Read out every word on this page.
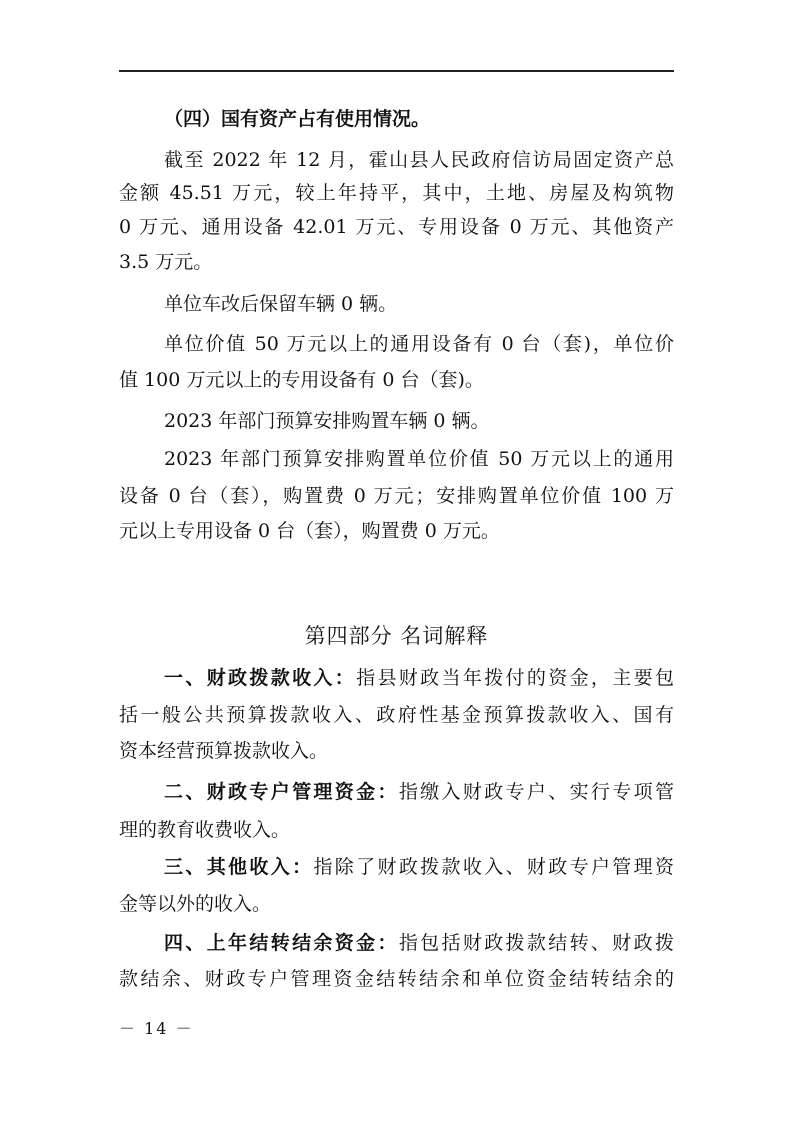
（四）国有资产占有使用情况。
截至 2022 年 12 月，霍山县人民政府信访局固定资产总
金额 45.51 万元，较上年持平，其中，土地、房屋及构筑物
0 万元、通用设备 42.01 万元、专用设备 0 万元、其他资产
3.5 万元。
单位车改后保留车辆 0 辆。
单位价值 50 万元以上的通用设备有 0 台（套)，单位价
值 100 万元以上的专用设备有 0 台（套)。
2023 年部门预算安排购置车辆 0 辆。
2023 年部门预算安排购置单位价值 50 万元以上的通用
设备 0 台（套），购置费 0 万元；安排购置单位价值 100 万
元以上专用设备 0 台（套），购置费 0 万元。
第四部分 名词解释
一、财政拨款收入：指县财政当年拨付的资金，主要包
括一般公共预算拨款收入、政府性基金预算拨款收入、国有
资本经营预算拨款收入。
二、财政专户管理资金：指缴入财政专户、实行专项管
理的教育收费收入。
三、其他收入：指除了财政拨款收入、财政专户管理资
金等以外的收入。
四、上年结转结余资金：指包括财政拨款结转、财政拨
款结余、财政专户管理资金结转结余和单位资金结转结余的
－ 14 －
